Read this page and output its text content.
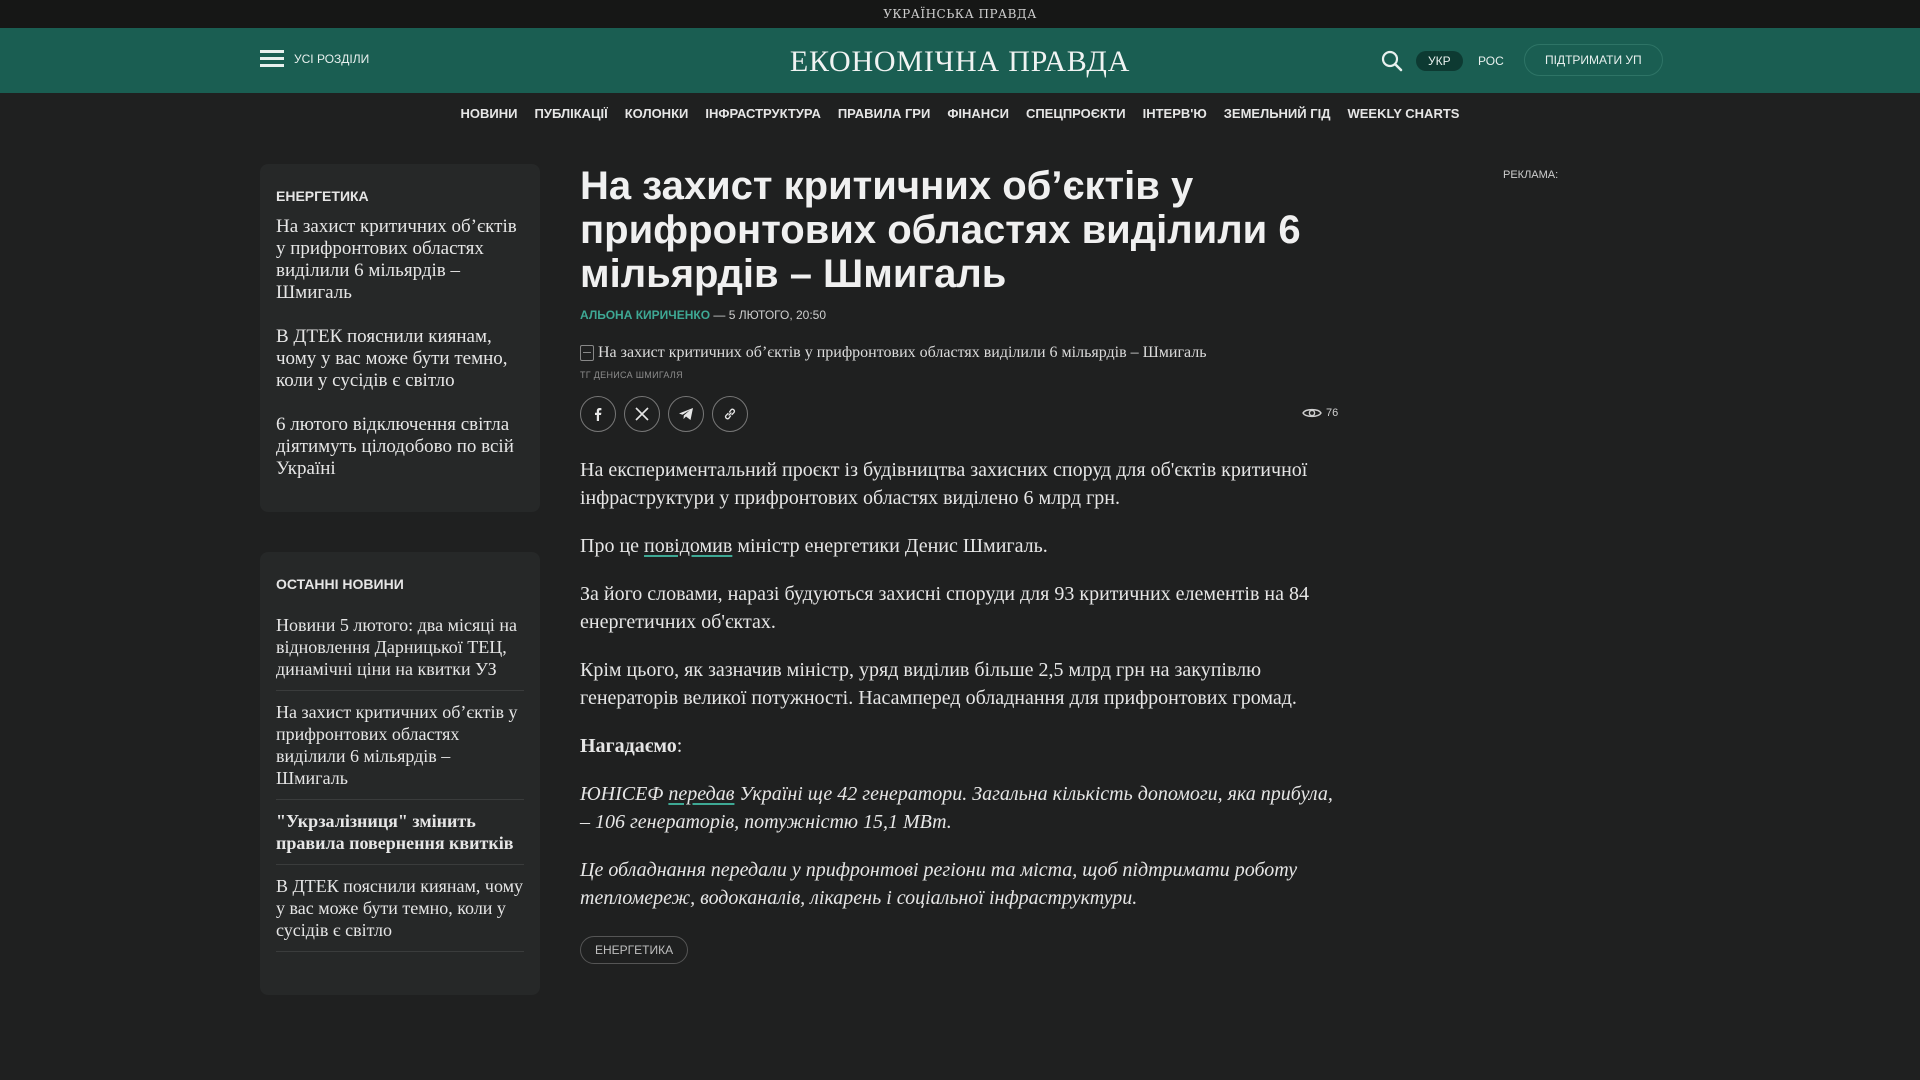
УКРАЇНСЬКА ПРАВДА
УСІ РОЗДІЛИ	ЕКОНОМІЧНА ПРАВДА	УКР	РОС	ПІДТРИМАТИ УП
НОВИНИ ПУБЛІКАЦІЇ КОЛОНКИ ІНФРАСТРУКТУРА ПРАВИЛА ГРИ ФІНАНСИ СПЕЦПРОЄКТИ ІНТЕРВ'Ю ЗЕМЕЛЬНИЙ ГІД WEEKLY CHARTS
ЕНЕРГЕТИКА
На захист критичних об’єктів у прифронтових областях виділили 6 мільярдів – Шмигаль
В ДТЕК пояснили киянам, чому у вас може бути темно, коли у сусідів є світло
6 лютого відключення світла діятимуть цілодобово по всій Україні
ОСТАННІ НОВИНИ
Новини 5 лютого: два місяці на відновлення Дарницької ТЕЦ, динамічні ціни на квитки УЗ
На захист критичних об’єктів у прифронтових областях виділили 6 мільярдів – Шмигаль
"Укрзалізниця" змінить правила повернення квитків
В ДТЕК пояснили киянам, чому у вас може бути темно, коли у сусідів є світло
На захист критичних об’єктів у прифронтових областях виділили 6 мільярдів – Шмигаль
АЛЬОНА КИРИЧЕНКО — 5 ЛЮТОГО, 20:50
На захист критичних об’єктів у прифронтових областях виділили 6 мільярдів – Шмигаль
ТГ ДЕНИСА ШМИГАЛЯ
76

На експериментальний проєкт із будівництва захисних споруд для об'єктів критичної інфраструктури у прифронтових областях виділено 6 млрд грн.

Про це повідомив міністр енергетики Денис Шмигаль.

За його словами, наразі будуються захисні споруди для 93 критичних елементів на 84 енергетичних об'єктах.

Крім цього, як зазначив міністр, уряд виділив більше 2,5 млрд грн на закупівлю генераторів великої потужності. Насамперед обладнання для прифронтових громад.

Нагадаємо:

ЮНІСЕФ передав Україні ще 42 генератори. Загальна кількість допомоги, яка прибула, – 106 генераторів, потужністю 15,1 МВт.

Це обладнання передали у прифронтові регіони та міста, щоб підтримати роботу тепломереж, водоканалів, лікарень і соціальної інфраструктури.

ЕНЕРГЕТИКА
РЕКЛАМА:
